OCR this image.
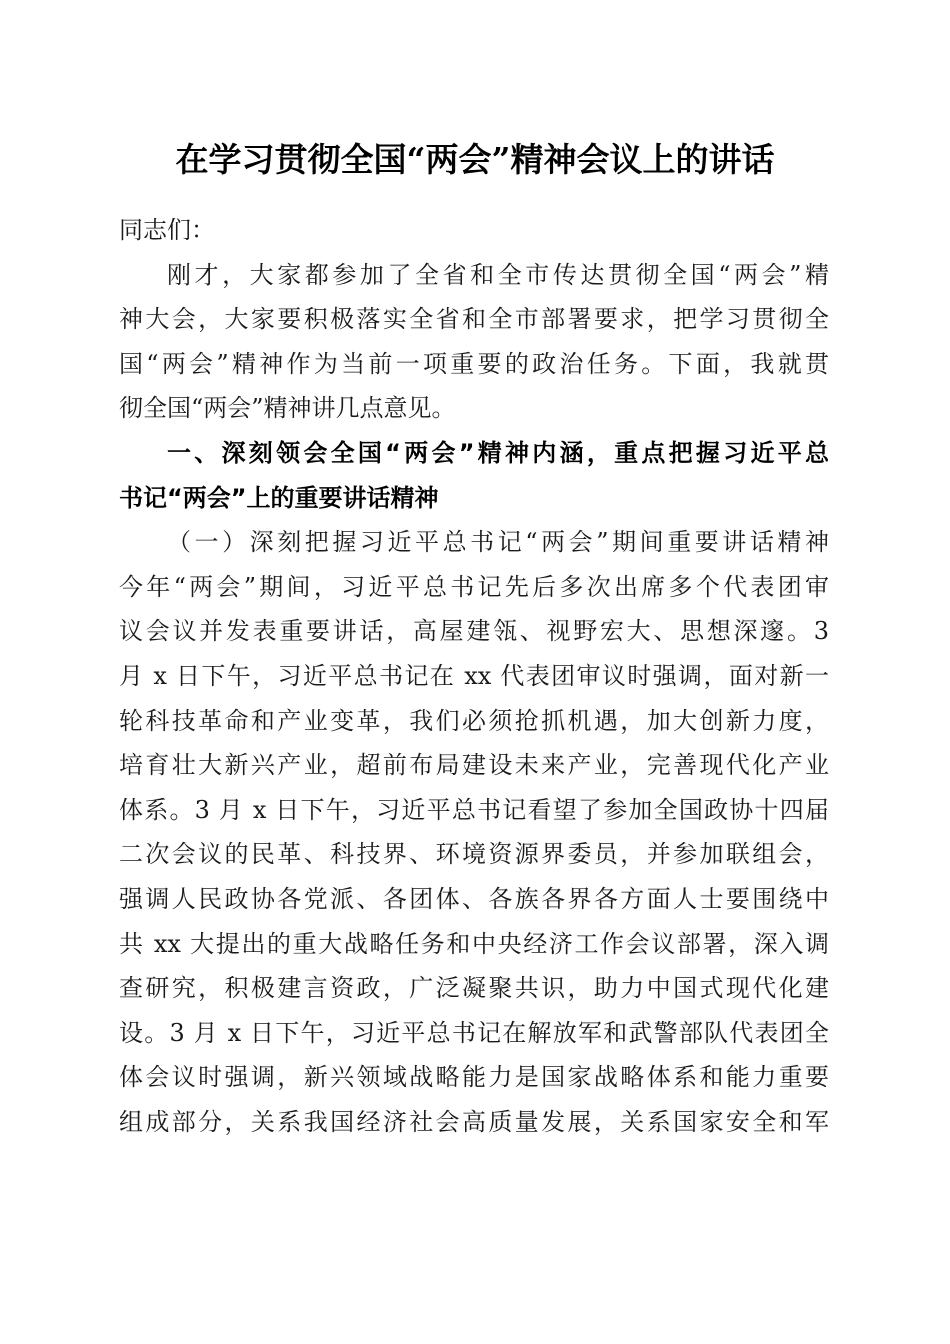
在学习贯彻全国“两会”精神会议上的讲话
同志们：
刚才，大家都参加了全省和全市传达贯彻全国“两会”精
神大会，大家要积极落实全省和全市部署要求，把学习贯彻全
国“两会”精神作为当前一项重要的政治任务。下面，我就贯
彻全国“两会”精神讲几点意见。
一、深刻领会全国“两会”精神内涵，重点把握习近平总
书记“两会”上的重要讲话精神
（一）深刻把握习近平总书记“两会”期间重要讲话精神
今年“两会”期间，习近平总书记先后多次出席多个代表团审
议会议并发表重要讲话，高屋建瓴、视野宏大、思想深邃。3
月 x 日下午，习近平总书记在 xx 代表团审议时强调，面对新一
轮科技革命和产业变革，我们必须抢抓机遇，加大创新力度，
培育壮大新兴产业，超前布局建设未来产业，完善现代化产业
体系。3 月 x 日下午，习近平总书记看望了参加全国政协十四届
二次会议的民革、科技界、环境资源界委员，并参加联组会，
强调人民政协各党派、各团体、各族各界各方面人士要围绕中
共 xx 大提出的重大战略任务和中央经济工作会议部署，深入调
查研究，积极建言资政，广泛凝聚共识，助力中国式现代化建
设。3 月 x 日下午，习近平总书记在解放军和武警部队代表团全
体会议时强调，新兴领域战略能力是国家战略体系和能力重要
组成部分，关系我国经济社会高质量发展，关系国家安全和军
